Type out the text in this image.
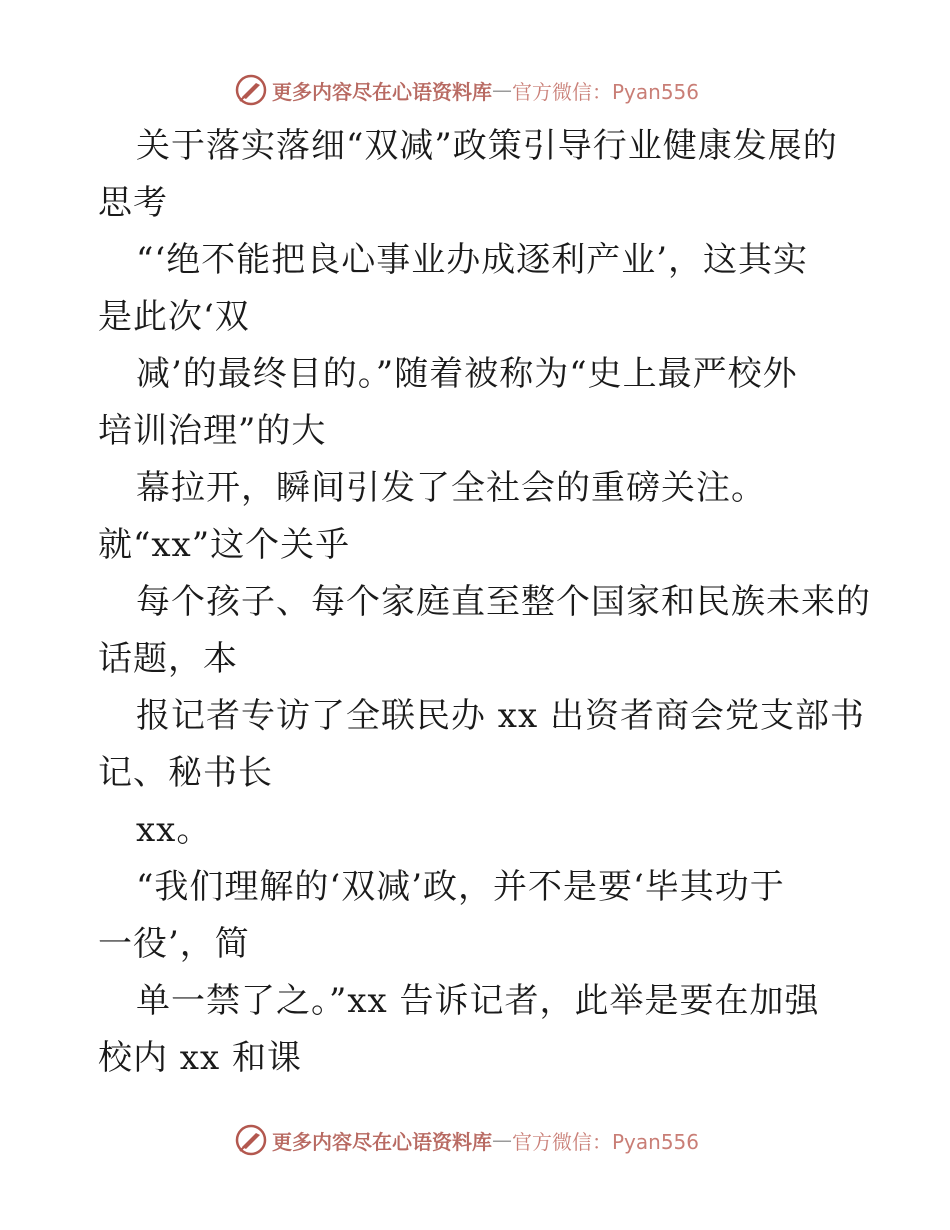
更多内容尽在心语资料库 — 官方微信：Pyan556
关于落实落细“双减”政策引导行业健康发展的
思考
“‘绝不能把良心事业办成逐利产业’，这其实
是此次‘双
减’的最终目的。”随着被称为“史上最严校外
培训治理”的大
幕拉开，瞬间引发了全社会的重磅关注。
就“xx”这个关乎
每个孩子、每个家庭直至整个国家和民族未来的
话题，本
报记者专访了全联民办 xx 出资者商会党支部书
记、秘书长
xx。
“我们理解的‘双减’政，并不是要‘毕其功于
一役’，简
单一禁了之。”xx 告诉记者，此举是要在加强
校内 xx 和课
更多内容尽在心语资料库 — 官方微信：Pyan556
